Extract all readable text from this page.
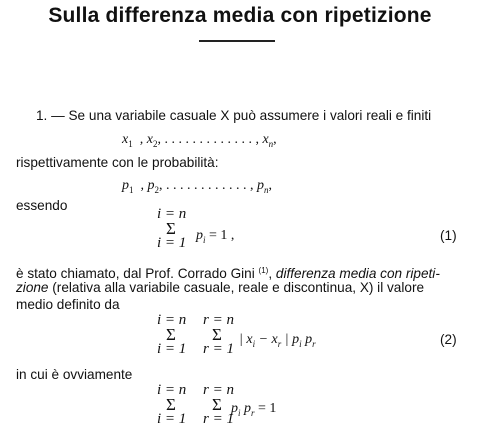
Sulla differenza media con ripetizione
1. — Se una variabile casuale X può assumere i valori reali e finiti
$x_1$  , $x_2$, . . . . . . . . . . . . . , $x_n$,
rispettivamente con le probabilità:
$p_1$  , $p_2$, . . . . . . . . . . . . , $p_n$,
essendo
i = n
Σ
i = 1 $p_i = 1$ ,	(1)
è stato chiamato, dal Prof. Corrado Gini $^{(1)}$, differenza media con ripeti-
zione (relativa alla variabile casuale, reale e discontinua, X) il valore
medio definito da
i = n r = n
Σ Σ
i = 1 r = 1
| $x_i - x_r$ | $p_i$ $p_r$	(2)
in cui è ovviamente
i = n r = n
Σ Σ
i = 1 r = 1
$p_i$ $p_r = 1$
